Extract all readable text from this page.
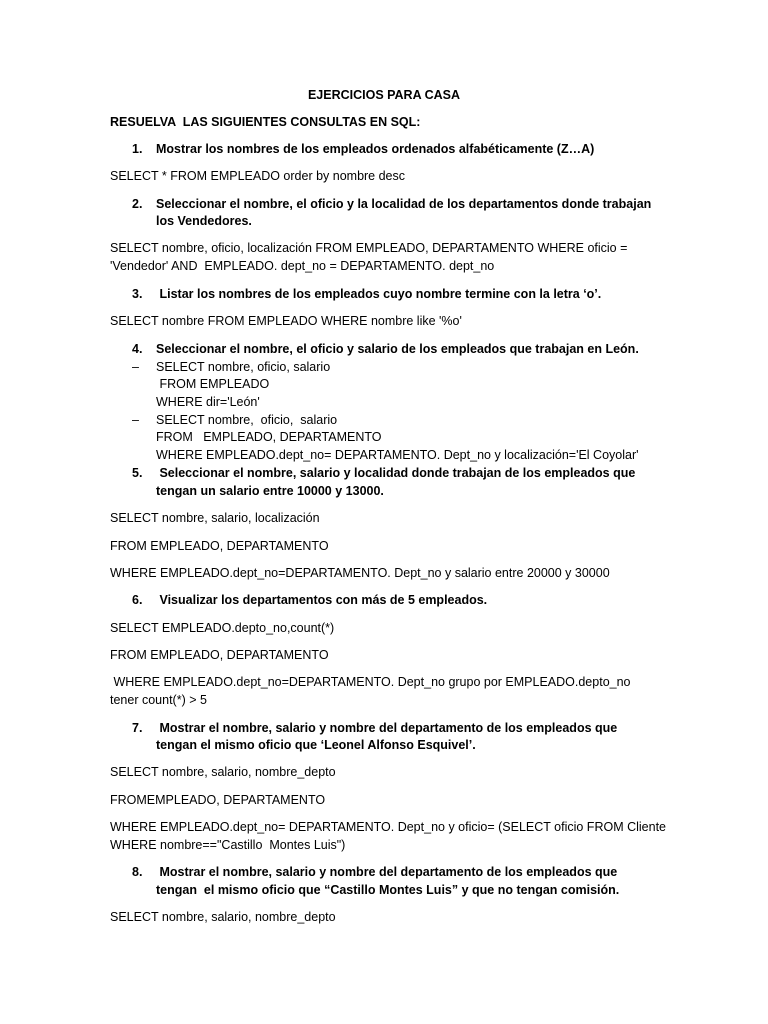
EJERCICIOS PARA CASA
RESUELVA  LAS SIGUIENTES CONSULTAS EN SQL:
1. Mostrar los nombres de los empleados ordenados alfabéticamente (Z…A)
SELECT * FROM EMPLEADO order by nombre desc
2. Seleccionar el nombre, el oficio y la localidad de los departamentos donde trabajan
los Vendedores.
SELECT nombre, oficio, localización FROM EMPLEADO, DEPARTAMENTO WHERE oficio =
'Vendedor' AND  EMPLEADO. dept_no = DEPARTAMENTO. dept_no
3. Listar los nombres de los empleados cuyo nombre termine con la letra ‘o’.
SELECT nombre FROM EMPLEADO WHERE nombre like '%o'
4. Seleccionar el nombre, el oficio y salario de los empleados que trabajan en León.
– SELECT nombre, oficio, salario
FROM EMPLEADO
WHERE dir='León'
– SELECT nombre,  oficio,  salario
FROM   EMPLEADO, DEPARTAMENTO
WHERE EMPLEADO.dept_no= DEPARTAMENTO. Dept_no y localización='El Coyolar'
5. Seleccionar el nombre, salario y localidad donde trabajan de los empleados que
tengan un salario entre 10000 y 13000.
SELECT nombre, salario, localización
FROM EMPLEADO, DEPARTAMENTO
WHERE EMPLEADO.dept_no=DEPARTAMENTO. Dept_no y salario entre 20000 y 30000
6. Visualizar los departamentos con más de 5 empleados.
SELECT EMPLEADO.depto_no,count(*)
FROM EMPLEADO, DEPARTAMENTO
WHERE EMPLEADO.dept_no=DEPARTAMENTO. Dept_no grupo por EMPLEADO.depto_no
tener count(*) > 5
7. Mostrar el nombre, salario y nombre del departamento de los empleados que
tengan el mismo oficio que ‘Leonel Alfonso Esquivel’.
SELECT nombre, salario, nombre_depto
FROMEMPLEADO, DEPARTAMENTO
WHERE EMPLEADO.dept_no= DEPARTAMENTO. Dept_no y oficio= (SELECT oficio FROM Cliente
WHERE nombre=="Castillo  Montes Luis")
8. Mostrar el nombre, salario y nombre del departamento de los empleados que
tengan  el mismo oficio que “Castillo Montes Luis” y que no tengan comisión.
SELECT nombre, salario, nombre_depto
